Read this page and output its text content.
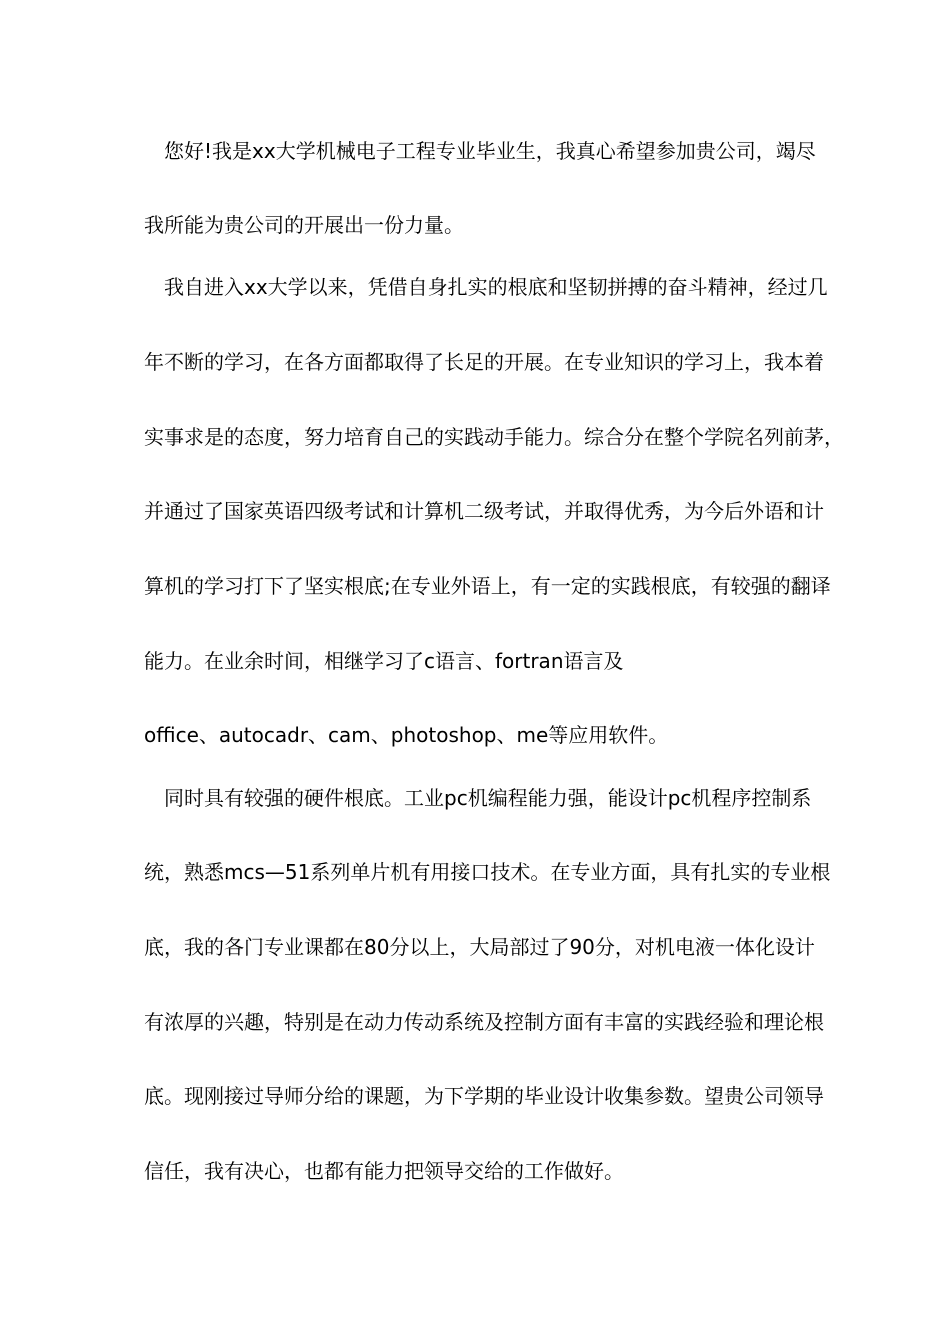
您好!我是xx大学机械电子工程专业毕业生，我真心希望参加贵公司，竭尽
我所能为贵公司的开展出一份力量。
我自进入xx大学以来，凭借自身扎实的根底和坚韧拼搏的奋斗精神，经过几
年不断的学习，在各方面都取得了长足的开展。在专业知识的学习上，我本着
实事求是的态度，努力培育自己的实践动手能力。综合分在整个学院名列前茅，
并通过了国家英语四级考试和计算机二级考试，并取得优秀，为今后外语和计
算机的学习打下了坚实根底;在专业外语上，有一定的实践根底，有较强的翻译
能力。在业余时间，相继学习了c语言、fortran语言及
office、autocadr、cam、photoshop、me等应用软件。
同时具有较强的硬件根底。工业pc机编程能力强，能设计pc机程序控制系
统，熟悉mcs—51系列单片机有用接口技术。在专业方面，具有扎实的专业根
底，我的各门专业课都在80分以上，大局部过了90分，对机电液一体化设计
有浓厚的兴趣，特别是在动力传动系统及控制方面有丰富的实践经验和理论根
底。现刚接过导师分给的课题，为下学期的毕业设计收集参数。望贵公司领导
信任，我有决心，也都有能力把领导交给的工作做好。
